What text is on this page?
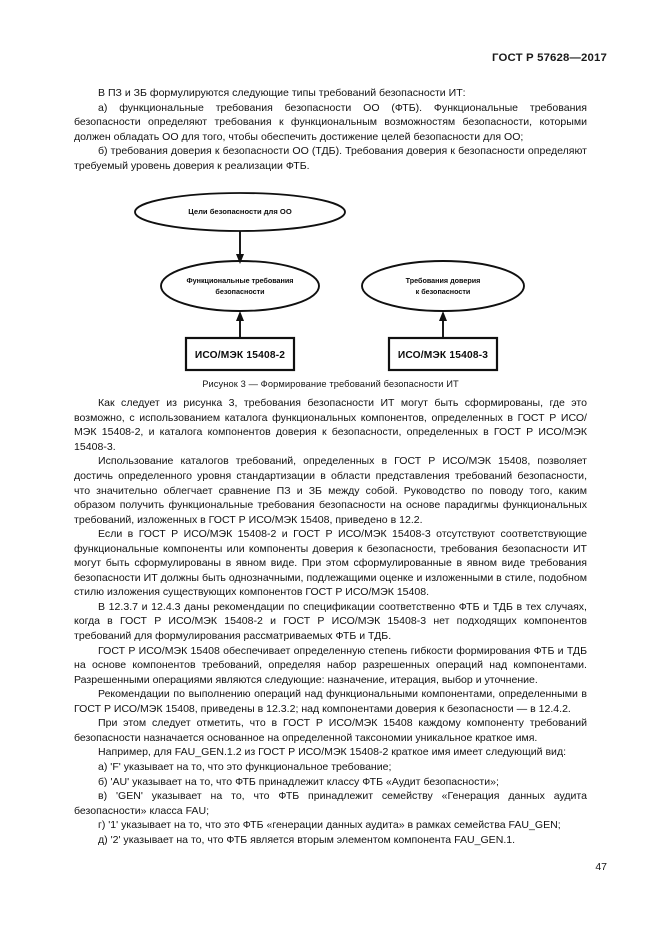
ГОСТ Р 57628—2017

В ПЗ и ЗБ формулируются следующие типы требований безопасности ИТ:

а) функциональные требования безопасности ОО (ФТБ). Функциональные требования безопасности определяют требования к функциональным возможностям безопасности, которыми должен обладать ОО для того, чтобы обеспечить достижение целей безопасности для ОО;

б) требования доверия к безопасности ОО (ТДБ). Требования доверия к безопасности определяют требуемый уровень доверия к реализации ФТБ.

Цели безопасности для ОО
Функциональные требования
безопасности
Требования доверия
к безопасности
ИСО/МЭК 15408-2	ИСО/МЭК 15408-3

Рисунок 3 — Формирование требований безопасности ИТ

Как следует из рисунка 3, требования безопасности ИТ могут быть сформированы, где это возможно, с использованием каталога функциональных компонентов, определенных в ГОСТ Р ИСО/МЭК 15408-2, и каталога компонентов доверия к безопасности, определенных в ГОСТ Р ИСО/МЭК 15408-3.

Использование каталогов требований, определенных в ГОСТ Р ИСО/МЭК 15408, позволяет достичь определенного уровня стандартизации в области представления требований безопасности, что значительно облегчает сравнение ПЗ и ЗБ между собой. Руководство по поводу того, каким образом получить функциональные требования безопасности на основе парадигмы функциональных требований, изложенных в ГОСТ Р ИСО/МЭК 15408, приведено в 12.2.

Если в ГОСТ Р ИСО/МЭК 15408-2 и ГОСТ Р ИСО/МЭК 15408-3 отсутствуют соответствующие функциональные компоненты или компоненты доверия к безопасности, требования безопасности ИТ могут быть сформулированы в явном виде. При этом сформулированные в явном виде требования безопасности ИТ должны быть однозначными, подлежащими оценке и изложенными в стиле, подобном стилю изложения существующих компонентов ГОСТ Р ИСО/МЭК 15408.

В 12.3.7 и 12.4.3 даны рекомендации по спецификации соответственно ФТБ и ТДБ в тех случаях, когда в ГОСТ Р ИСО/МЭК 15408-2 и ГОСТ Р ИСО/МЭК 15408-3 нет подходящих компонентов требований для формулирования рассматриваемых ФТБ и ТДБ.

ГОСТ Р ИСО/МЭК 15408 обеспечивает определенную степень гибкости формирования ФТБ и ТДБ на основе компонентов требований, определяя набор разрешенных операций над компонентами. Разрешенными операциями являются следующие: назначение, итерация, выбор и уточнение.

Рекомендации по выполнению операций над функциональными компонентами, определенными в ГОСТ Р ИСО/МЭК 15408, приведены в 12.3.2; над компонентами доверия к безопасности — в 12.4.2.

При этом следует отметить, что в ГОСТ Р ИСО/МЭК 15408 каждому компоненту требований безопасности назначается основанное на определенной таксономии уникальное краткое имя.

Например, для FAU_GEN.1.2 из ГОСТ Р ИСО/МЭК 15408-2 краткое имя имеет следующий вид:

а) 'F' указывает на то, что это функциональное требование;

б) 'AU' указывает на то, что ФТБ принадлежит классу ФТБ «Аудит безопасности»;

в) 'GEN' указывает на то, что ФТБ принадлежит семейству «Генерация данных аудита безопасности» класса FAU;

г) '1' указывает на то, что это ФТБ «генерации данных аудита» в рамках семейства FAU_GEN;

д) '2' указывает на то, что ФТБ является вторым элементом компонента FAU_GEN.1.

47
